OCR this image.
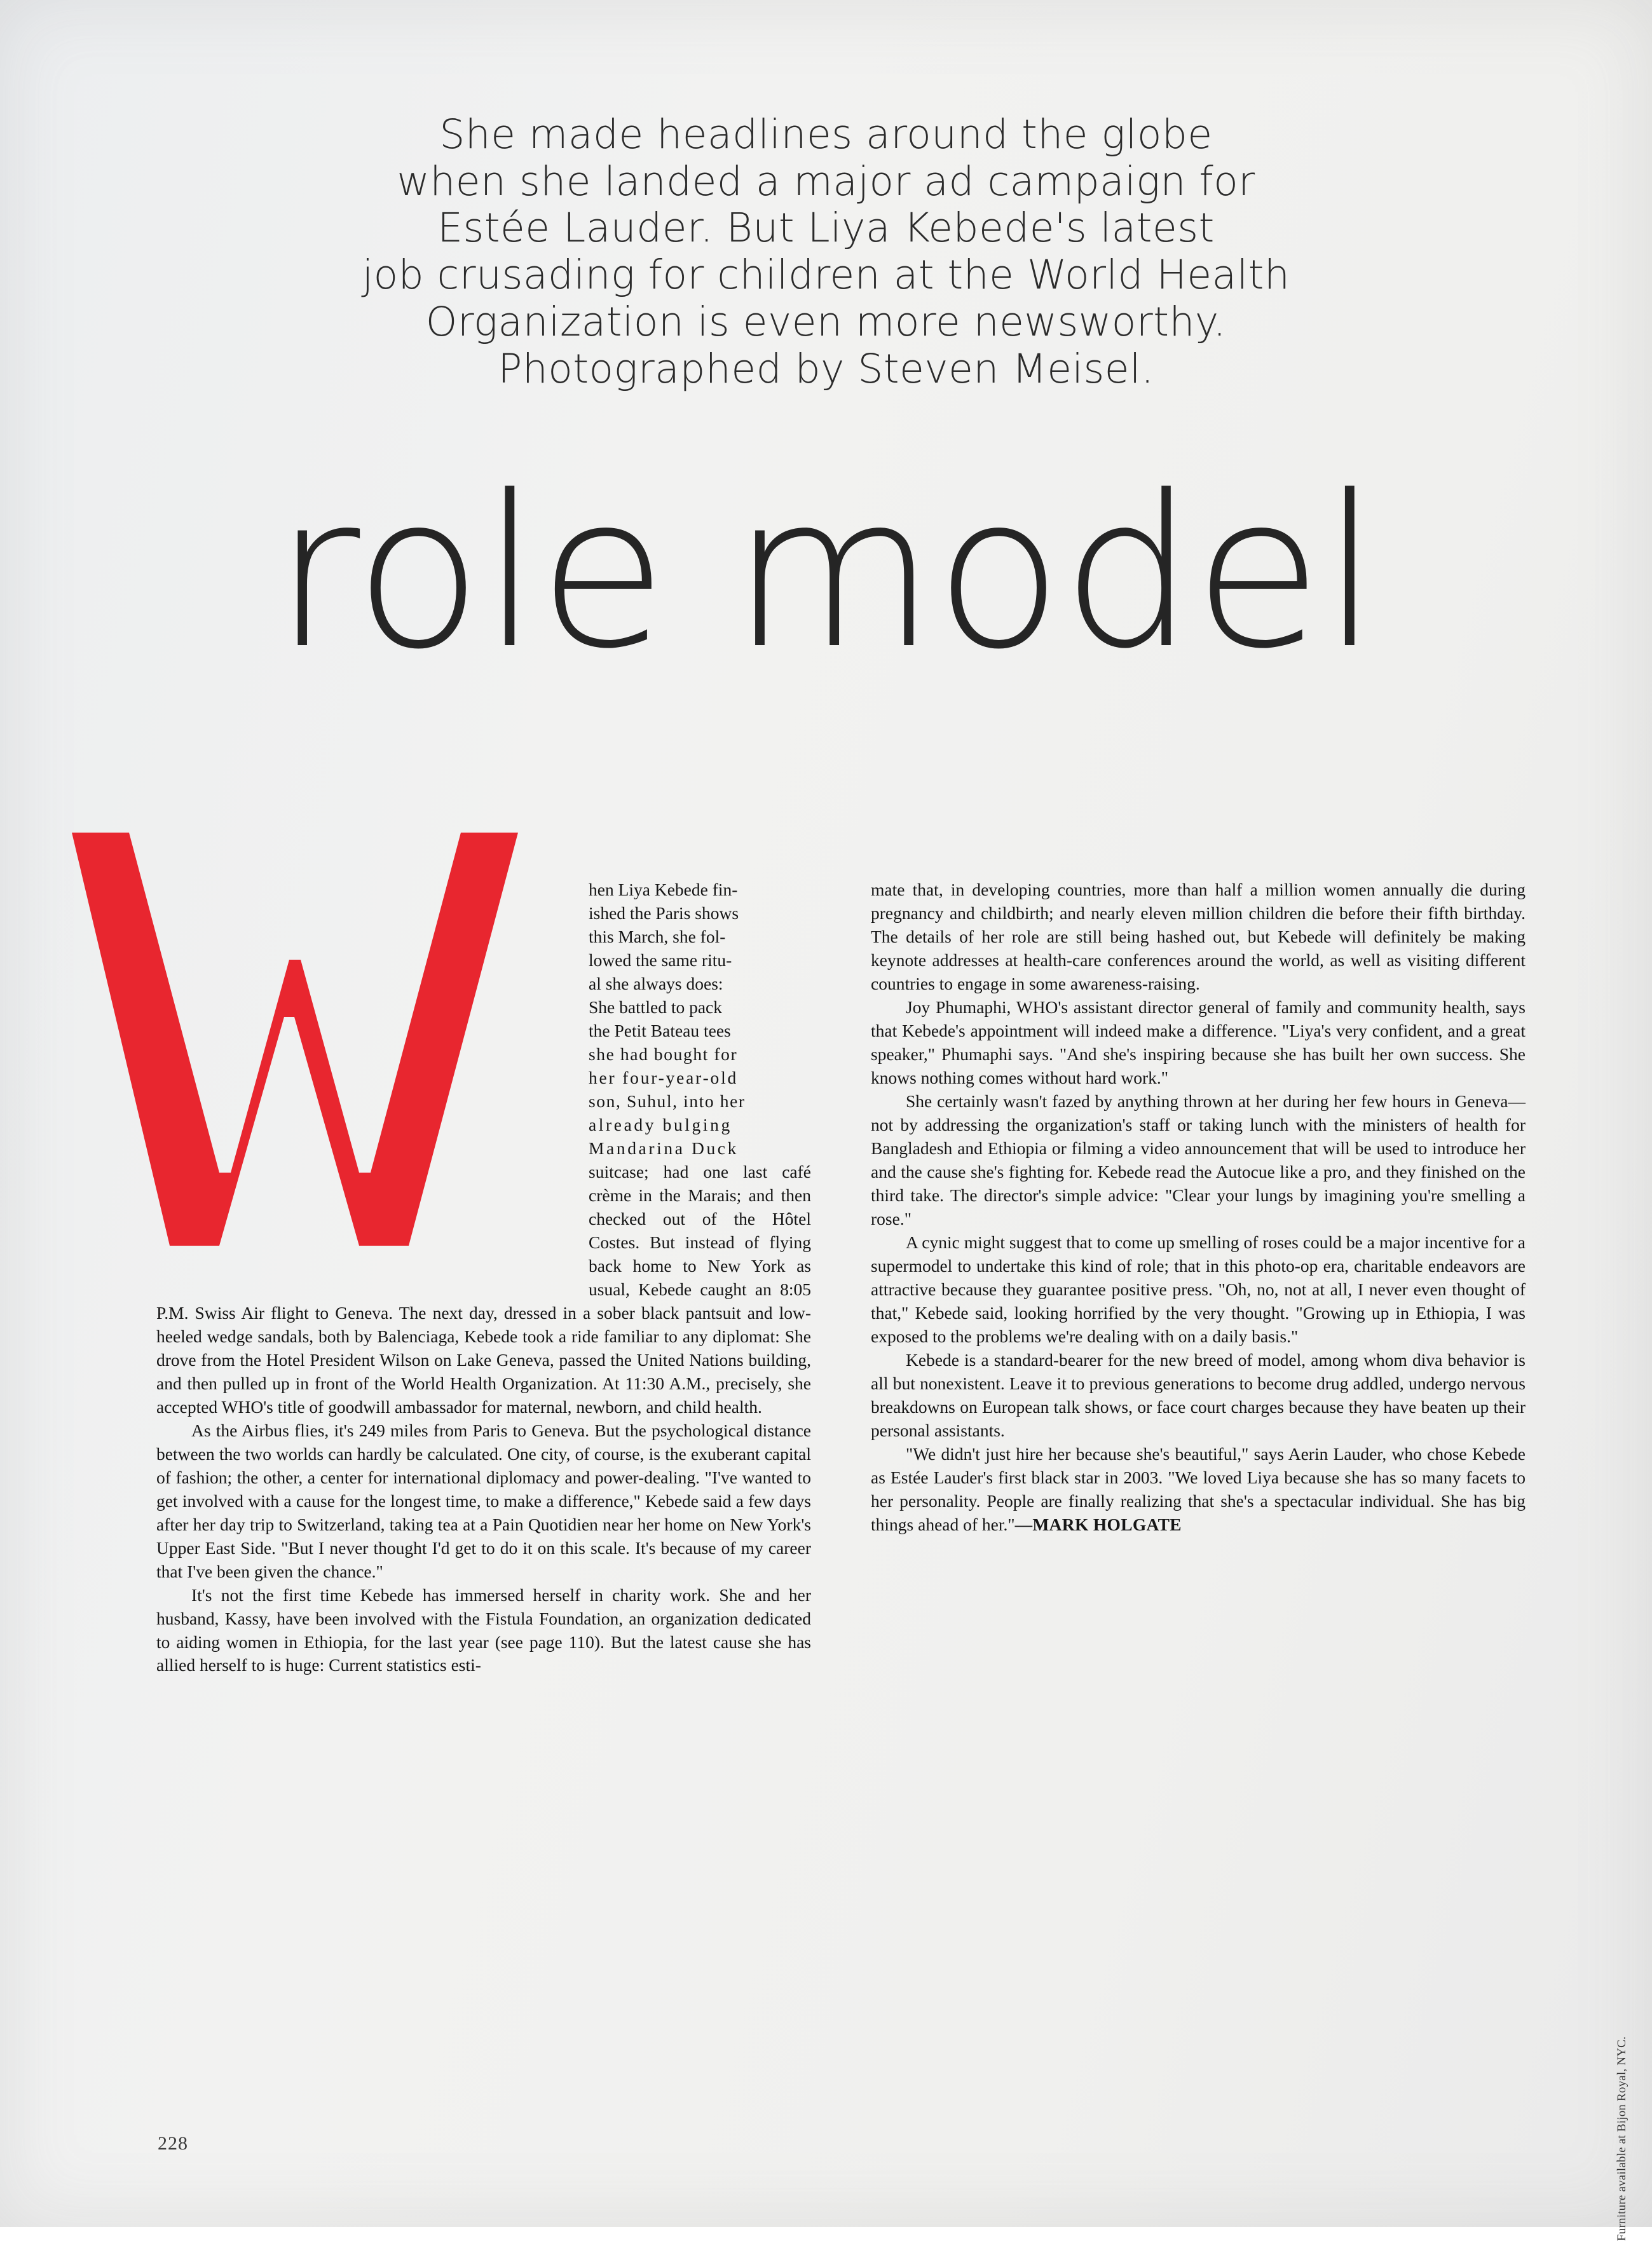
She made headlines around the globe
when she landed a major ad campaign for
Estée Lauder. But Liya Kebede's latest
job crusading for children at the World Health
Organization is even more newsworthy.
Photographed by Steven Meisel.
role model
hen Liya Kebede fin-
ished the Paris shows
this March, she fol-
lowed the same ritu-
al she always does:
She battled to pack
the Petit Bateau tees
she had bought for
her four-year-old
son, Suhul, into her
already bulging
Mandarina Duck

suitcase; had one last café crème in the Marais; and then checked out of the Hôtel Costes. But instead of flying back home to New York as usual, Kebede caught an 8:05 P.M. Swiss Air flight to Geneva. The next day, dressed in a sober black pantsuit and low-heeled wedge sandals, both by Balenciaga, Kebede took a ride familiar to any diplomat: She drove from the Hotel President Wilson on Lake Geneva, passed the United Nations building, and then pulled up in front of the World Health Organization. At 11:30 A.M., precisely, she accepted WHO's title of goodwill ambassador for maternal, newborn, and child health.

As the Airbus flies, it's 249 miles from Paris to Geneva. But the psychological distance between the two worlds can hardly be calculated. One city, of course, is the exuberant capital of fashion; the other, a center for international diplomacy and power-dealing. "I've wanted to get involved with a cause for the longest time, to make a difference," Kebede said a few days after her day trip to Switzerland, taking tea at a Pain Quotidien near her home on New York's Upper East Side. "But I never thought I'd get to do it on this scale. It's because of my career that I've been given the chance."

It's not the first time Kebede has immersed herself in charity work. She and her husband, Kassy, have been involved with the Fistula Foundation, an organization dedicated to aiding women in Ethiopia, for the last year (see page 110). But the latest cause she has allied herself to is huge: Current statistics esti-

mate that, in developing countries, more than half a million women annually die during pregnancy and childbirth; and nearly eleven million children die before their fifth birthday. The details of her role are still being hashed out, but Kebede will definitely be making keynote addresses at health-care conferences around the world, as well as visiting different countries to engage in some awareness-raising.

Joy Phumaphi, WHO's assistant director general of family and community health, says that Kebede's appointment will indeed make a difference. "Liya's very confident, and a great speaker," Phumaphi says. "And she's inspiring because she has built her own success. She knows nothing comes without hard work."

She certainly wasn't fazed by anything thrown at her during her few hours in Geneva—not by addressing the organization's staff or taking lunch with the ministers of health for Bangladesh and Ethiopia or filming a video announcement that will be used to introduce her and the cause she's fighting for. Kebede read the Autocue like a pro, and they finished on the third take. The director's simple advice: "Clear your lungs by imagining you're smelling a rose."

A cynic might suggest that to come up smelling of roses could be a major incentive for a supermodel to undertake this kind of role; that in this photo-op era, charitable endeavors are attractive because they guarantee positive press. "Oh, no, not at all, I never even thought of that," Kebede said, looking horrified by the very thought. "Growing up in Ethiopia, I was exposed to the problems we're dealing with on a daily basis."

Kebede is a standard-bearer for the new breed of model, among whom diva behavior is all but nonexistent. Leave it to previous generations to become drug addled, undergo nervous breakdowns on European talk shows, or face court charges because they have beaten up their personal assistants.

"We didn't just hire her because she's beautiful," says Aerin Lauder, who chose Kebede as Estée Lauder's first black star in 2003. "We loved Liya because she has so many facets to her personality. People are finally realizing that she's a spectacular individual. She has big things ahead of her."—MARK HOLGATE

Furniture available at Bijon Royal, NYC.
228
